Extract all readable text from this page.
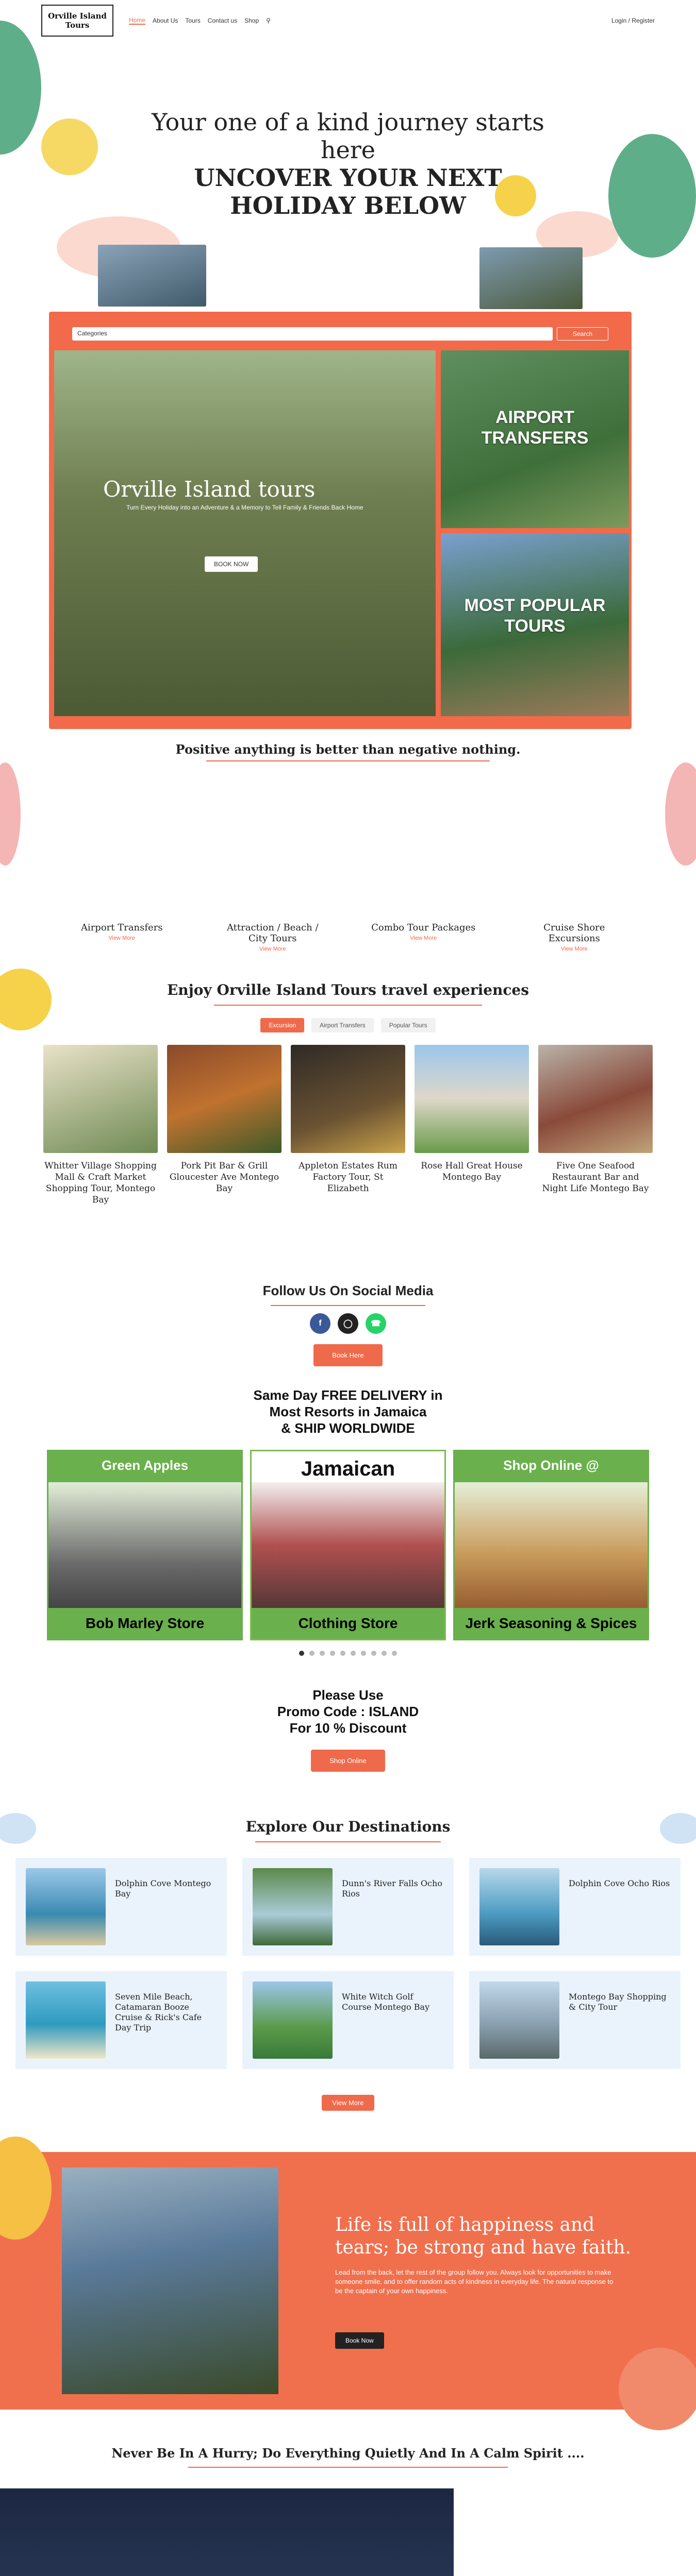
Orville Island
Tours
Home About Us Tours Contact us Shop ⚲	Login / Register
Your one of a kind journey starts
here
UNCOVER YOUR NEXT
HOLIDAY BELOW
Categories	Search
Orville Island tours
Turn Every Holiday into an Adventure & a Memory to Tell Family & Friends Back Home
BOOK NOW
AIRPORT
TRANSFERS
MOST POPULAR
TOURS
Positive anything is better than negative nothing.
Airport Transfers
View More
Attraction / Beach / City Tours
View More
Combo Tour Packages
View More
Cruise Shore Excursions
View More
Enjoy Orville Island Tours travel experiences
Excursion	Airport Transfers	Popular Tours
Whitter Village Shopping Mall & Craft Market Shopping Tour, Montego Bay
Pork Pit Bar & Grill Gloucester Ave Montego Bay
Appleton Estates Rum Factory Tour, St Elizabeth
Rose Hall Great House Montego Bay
Five One Seafood Restaurant Bar and Night Life Montego Bay
Follow Us On Social Media
f	◯	☎
Book Here
Same Day FREE DELIVERY in
Most Resorts in Jamaica
& SHIP WORLDWIDE
Green Apples
Bob Marley Store
Jamaican
Clothing Store
Shop Online @
Jerk Seasoning & Spices
Please Use
Promo Code : ISLAND
For 10 % Discount
Shop Online
Explore Our Destinations
Dolphin Cove Montego Bay
Dunn's River Falls Ocho Rios
Dolphin Cove Ocho Rios
Seven Mile Beach, Catamaran Booze Cruise & Rick's Cafe Day Trip
White Witch Golf Course Montego Bay
Montego Bay Shopping & City Tour
View More
Life is full of happiness and tears; be strong and have faith.
Lead from the back, let the rest of the group follow you. Always look for opportunities to make someone smile, and to offer random acts of kindness in everyday life. The natural response to be the captain of your own happiness.
Book Now
Never Be In A Hurry; Do Everything Quietly And In A Calm Spirit ....
